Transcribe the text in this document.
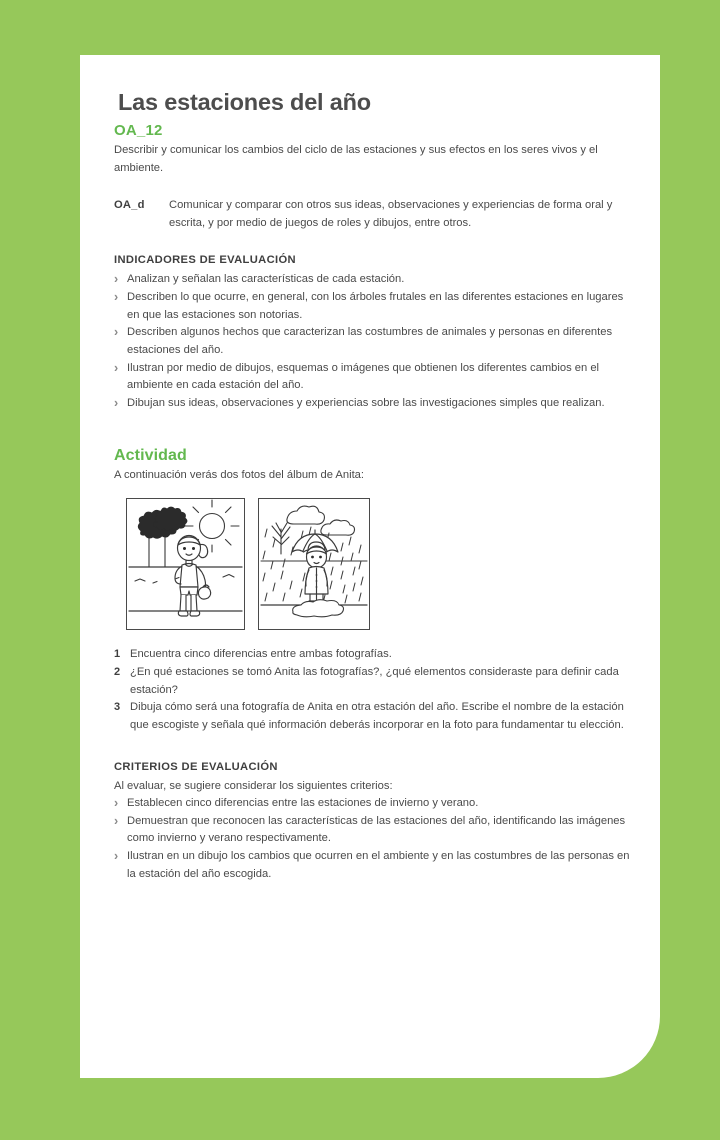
Las estaciones del año
OA_12

Describir y comunicar los cambios del ciclo de las estaciones y sus efectos en los seres vivos y el ambiente.

OA_d	Comunicar y comparar con otros sus ideas, observaciones y experiencias de forma oral y escrita, y por medio de juegos de roles y dibujos, entre otros.
INDICADORES DE EVALUACIÓN
› Analizan y señalan las características de cada estación.
› Describen lo que ocurre, en general, con los árboles frutales en las diferentes estaciones en lugares en que las estaciones son notorias.
› Describen algunos hechos que caracterizan las costumbres de animales y personas en diferentes estaciones del año.
› Ilustran por medio de dibujos, esquemas o imágenes que obtienen los diferentes cambios en el ambiente en cada estación del año.
› Dibujan sus ideas, observaciones y experiencias sobre las investigaciones simples que realizan.
Actividad

A continuación verás dos fotos del álbum de Anita:

1 Encuentra cinco diferencias entre ambas fotografías.
2 ¿En qué estaciones se tomó Anita las fotografías?, ¿qué elementos consideraste para definir cada estación?
3 Dibuja cómo será una fotografía de Anita en otra estación del año. Escribe el nombre de la estación que escogiste y señala qué información deberás incorporar en la foto para fundamentar tu elección.
CRITERIOS DE EVALUACIÓN

Al evaluar, se sugiere considerar los siguientes criterios:

› Establecen cinco diferencias entre las estaciones de invierno y verano.
› Demuestran que reconocen las características de las estaciones del año, identificando las imágenes como invierno y verano respectivamente.
› Ilustran en un dibujo los cambios que ocurren en el ambiente y en las costumbres de las personas en la estación del año escogida.
